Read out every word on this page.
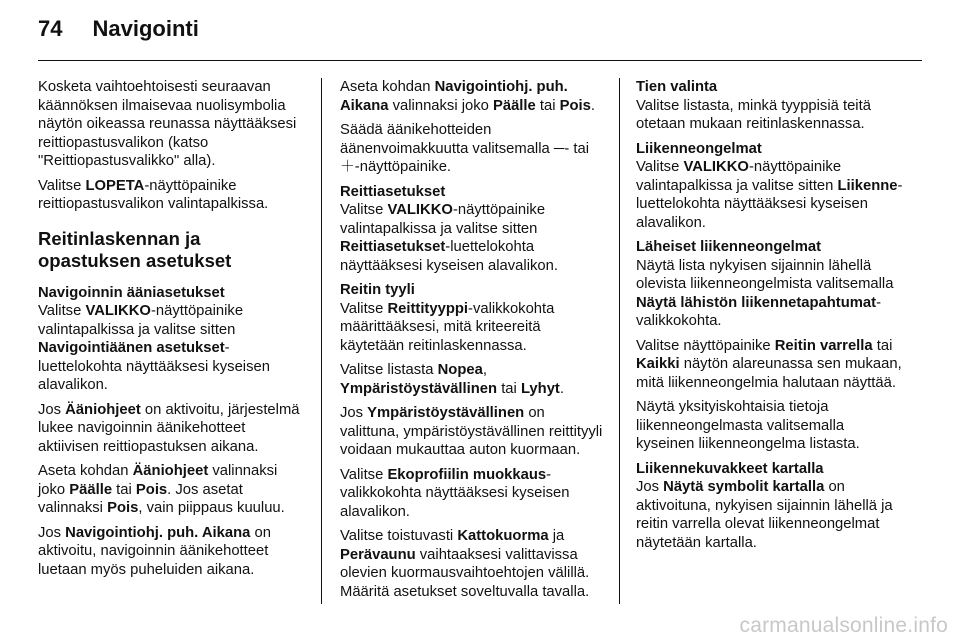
74 Navigointi

Kosketa vaihtoehtoisesti seuraavan käännöksen ilmaisevaa nuolisymbolia näytön oikeassa reunassa näyttääksesi reittiopastusvalikon (katso "Reittiopastusvalikko" alla).

Valitse LOPETA-näyttöpainike reittiopastusvalikon valintapalkissa.

Reitinlaskennan ja opastuksen asetukset

Navigoinnin ääniasetukset

Valitse VALIKKO-näyttöpainike valintapalkissa ja valitse sitten Navigointiäänen asetukset-luettelokohta näyttääksesi kyseisen alavalikon.

Jos Ääniohjeet on aktivoitu, järjestelmä lukee navigoinnin äänikehotteet aktiivisen reittiopastuksen aikana.

Aseta kohdan Ääniohjeet valinnaksi joko Päälle tai Pois. Jos asetat valinnaksi Pois, vain piippaus kuuluu.

Jos Navigointiohj. puh. Aikana on aktivoitu, navigoinnin äänikehotteet luetaan myös puheluiden aikana.

Aseta kohdan Navigointiohj. puh. Aikana valinnaksi joko Päälle tai Pois.

Säädä äänikehotteiden äänenvoimakkuutta valitsemalla ─- tai ＋-näyttöpainike.

Reittiasetukset

Valitse VALIKKO-näyttöpainike valintapalkissa ja valitse sitten Reittiasetukset-luettelokohta näyttääksesi kyseisen alavalikon.

Reitin tyyli

Valitse Reittityyppi-valikkokohta määrittääksesi, mitä kriteereitä käytetään reitinlaskennassa.

Valitse listasta Nopea, Ympäristöystävällinen tai Lyhyt.

Jos Ympäristöystävällinen on valittuna, ympäristöystävällinen reittityyli voidaan mukauttaa auton kuormaan.

Valitse Ekoprofiilin muokkaus-valikkokohta näyttääksesi kyseisen alavalikon.

Valitse toistuvasti Kattokuorma ja Perävaunu vaihtaaksesi valittavissa olevien kuormausvaihtoehtojen välillä. Määritä asetukset soveltuvalla tavalla.

Tien valinta

Valitse listasta, minkä tyyppisiä teitä otetaan mukaan reitinlaskennassa.

Liikenneongelmat

Valitse VALIKKO-näyttöpainike valintapalkissa ja valitse sitten Liikenne-luettelokohta näyttääksesi kyseisen alavalikon.

Läheiset liikenneongelmat

Näytä lista nykyisen sijainnin lähellä olevista liikenneongelmista valitsemalla Näytä lähistön liikennetapahtumat-valikkokohta.

Valitse näyttöpainike Reitin varrella tai Kaikki näytön alareunassa sen mukaan, mitä liikenneongelmia halutaan näyttää.

Näytä yksityiskohtaisia tietoja liikenneongelmasta valitsemalla kyseinen liikenneongelma listasta.

Liikennekuvakkeet kartalla

Jos Näytä symbolit kartalla on aktivoituna, nykyisen sijainnin lähellä ja reitin varrella olevat liikenneongelmat näytetään kartalla.

carmanualsonline.info
